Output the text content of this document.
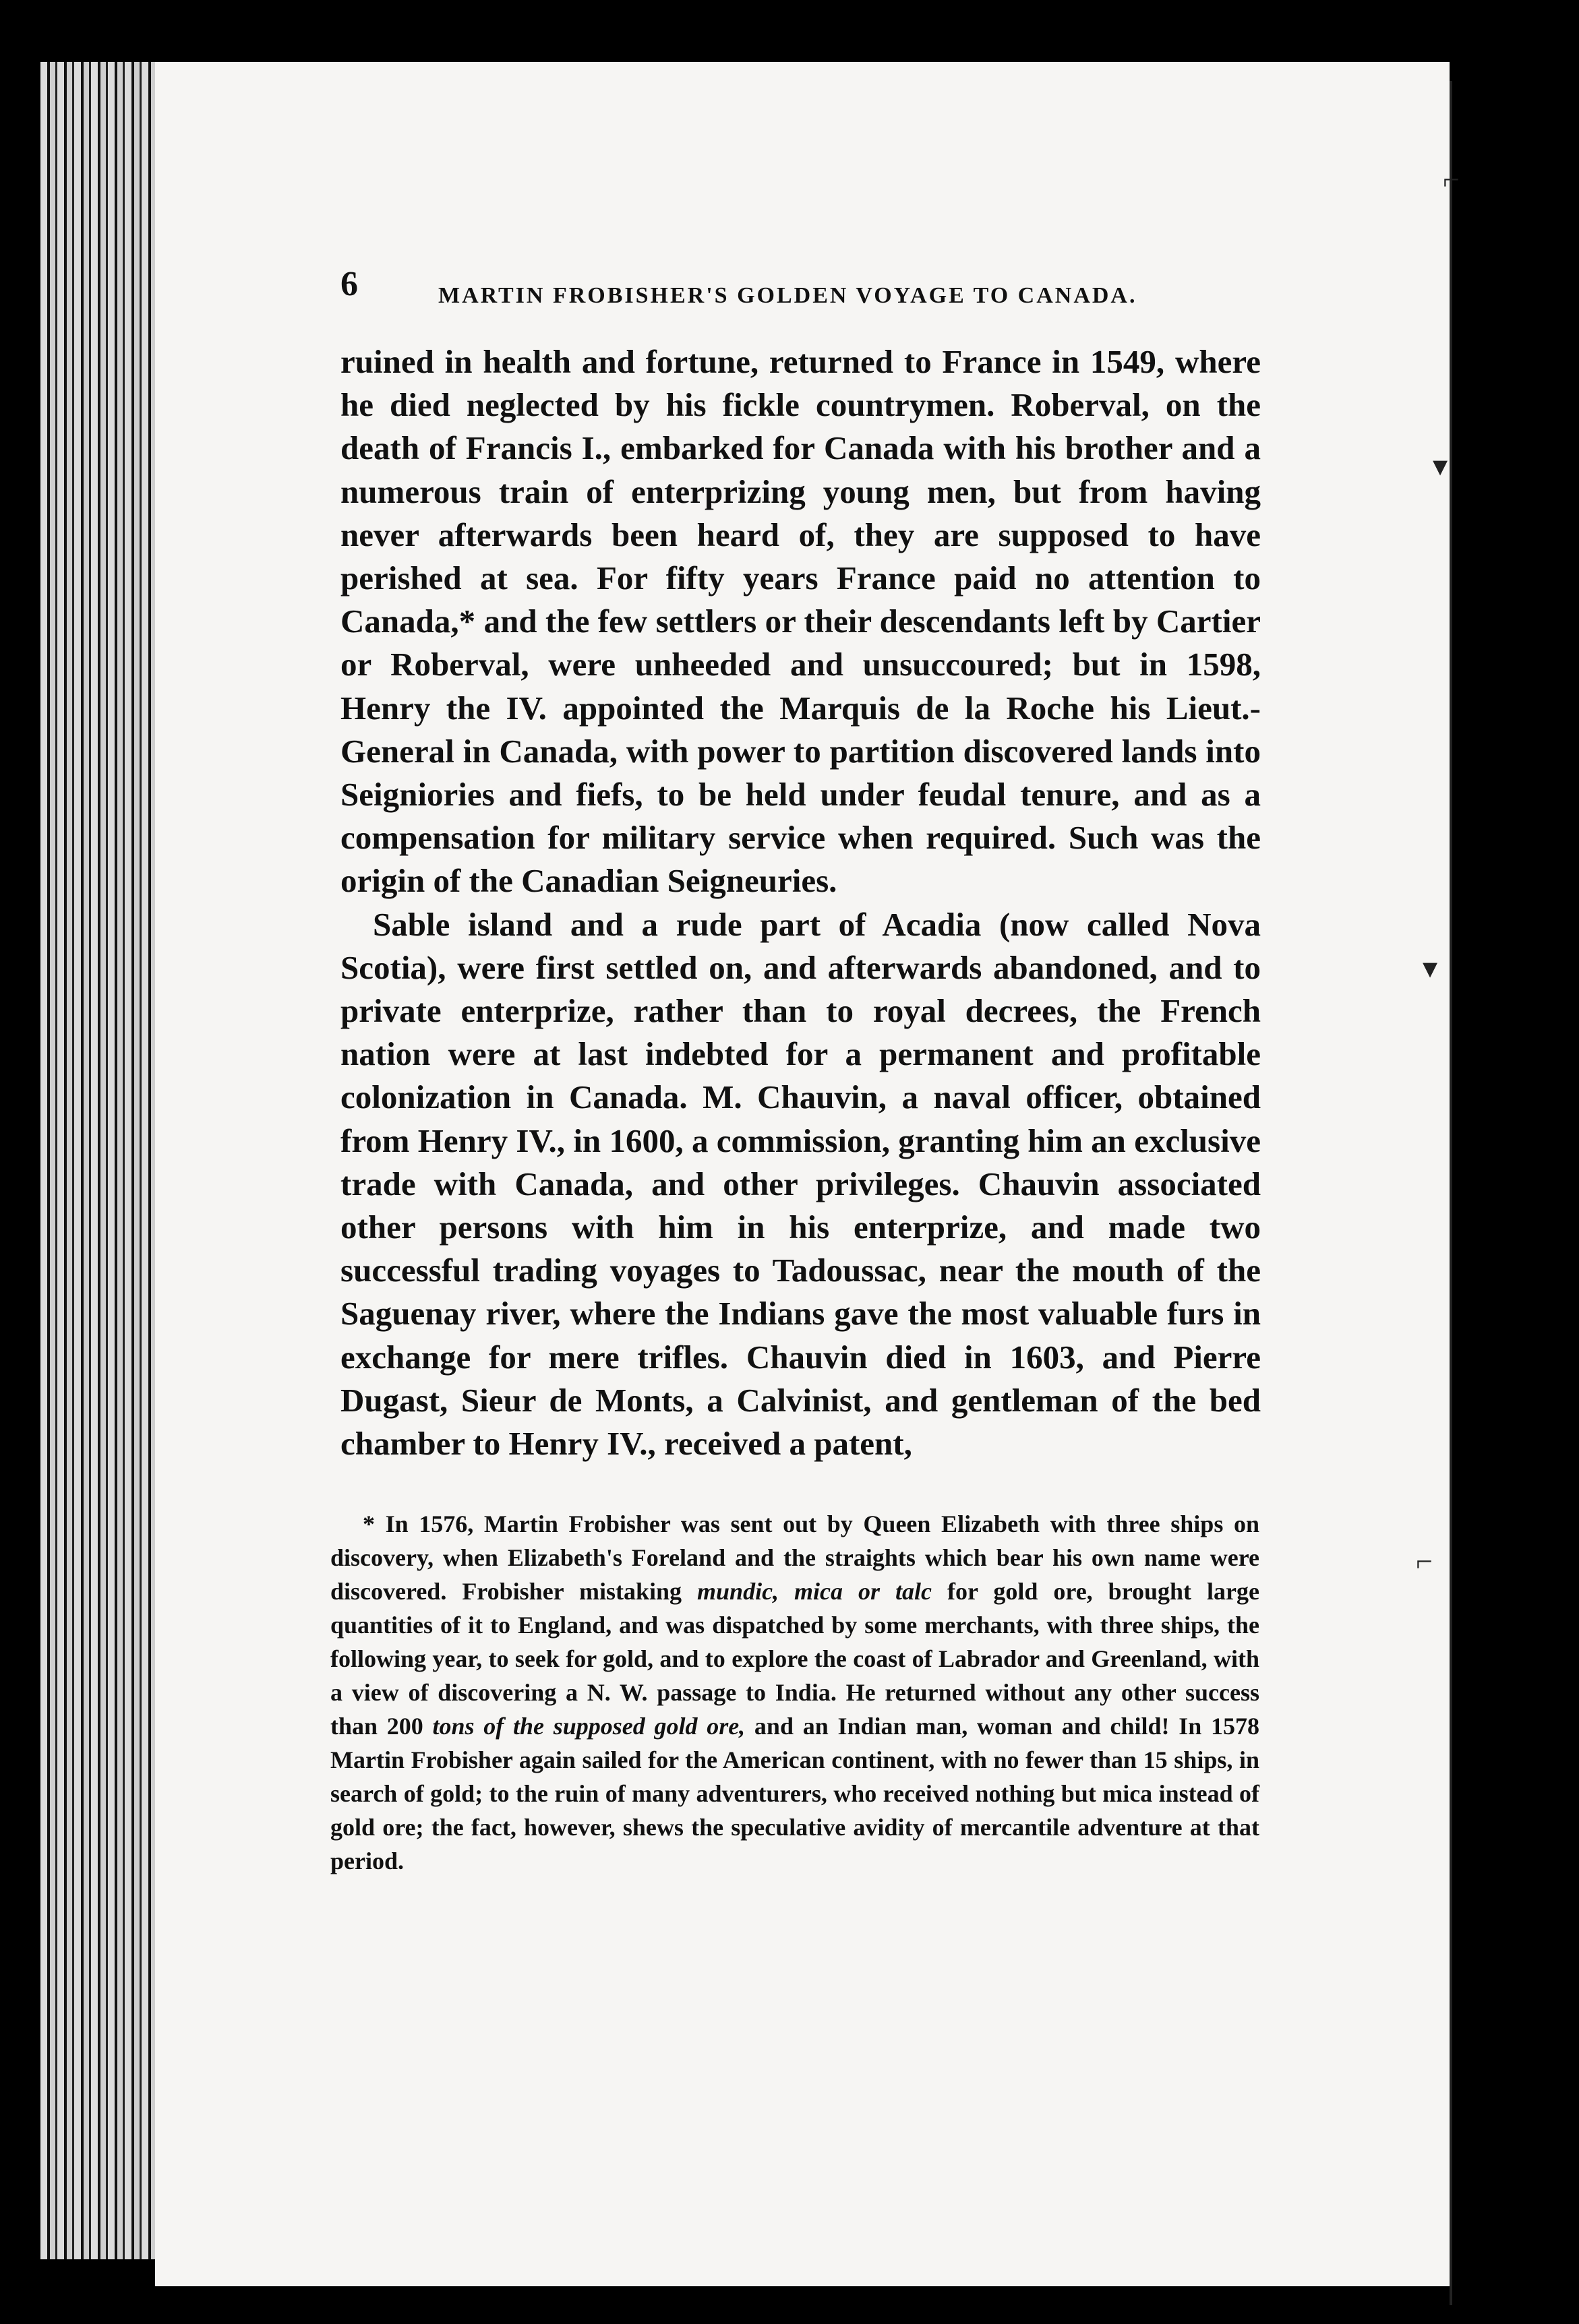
⌐
▾
▾
⌐
6	MARTIN FROBISHER'S GOLDEN VOYAGE TO CANADA.

ruined in health and fortune, returned to France in 1549, where he died neglected by his fickle countrymen. Roberval, on the death of Francis I., embarked for Canada with his brother and a numerous train of enterprizing young men, but from having never afterwards been heard of, they are supposed to have perished at sea. For fifty years France paid no attention to Canada,* and the few settlers or their descendants left by Cartier or Roberval, were unheeded and unsuccoured; but in 1598, Henry the IV. appointed the Marquis de la Roche his Lieut.-General in Canada, with power to partition discovered lands into Seigniories and fiefs, to be held under feudal tenure, and as a compensation for military service when required. Such was the origin of the Canadian Seigneuries.

Sable island and a rude part of Acadia (now called Nova Scotia), were first settled on, and afterwards abandoned, and to private enterprize, rather than to royal decrees, the French nation were at last indebted for a permanent and profitable colonization in Canada. M. Chauvin, a naval officer, obtained from Henry IV., in 1600, a commission, granting him an exclusive trade with Canada, and other privileges. Chauvin associated other persons with him in his enterprize, and made two successful trading voyages to Tadoussac, near the mouth of the Saguenay river, where the Indians gave the most valuable furs in exchange for mere trifles. Chauvin died in 1603, and Pierre Dugast, Sieur de Monts, a Calvinist, and gentleman of the bed chamber to Henry IV., received a patent,

* In 1576, Martin Frobisher was sent out by Queen Elizabeth with three ships on discovery, when Elizabeth's Foreland and the straights which bear his own name were discovered. Frobisher mistaking mundic, mica or talc for gold ore, brought large quantities of it to England, and was dispatched by some merchants, with three ships, the following year, to seek for gold, and to explore the coast of Labrador and Greenland, with a view of discovering a N. W. passage to India. He returned without any other success than 200 tons of the supposed gold ore, and an Indian man, woman and child! In 1578 Martin Frobisher again sailed for the American continent, with no fewer than 15 ships, in search of gold; to the ruin of many adventurers, who received nothing but mica instead of gold ore; the fact, however, shews the speculative avidity of mercantile adventure at that period.
